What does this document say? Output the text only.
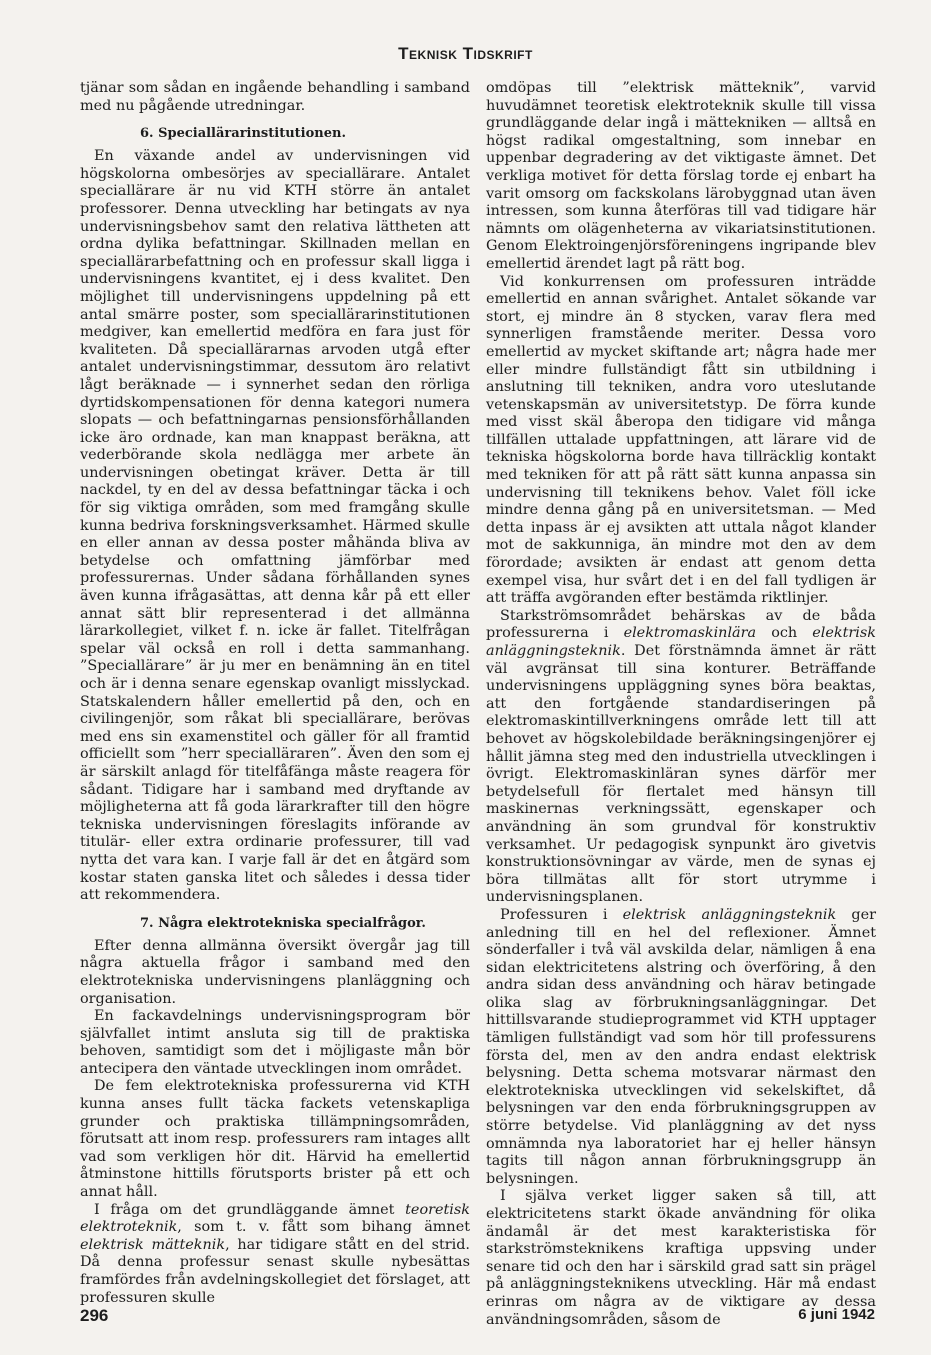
Teknisk Tidskrift

tjänar som sådan en ingående behandling i samband med nu pågående utredningar.

6. Speciallärarinstitutionen.

En växande andel av undervisningen vid högskolorna ombesörjes av speciallärare. Antalet speciallärare är nu vid KTH större än antalet professorer. Denna utveckling har betingats av nya undervisningsbehov samt den relativa lättheten att ordna dylika befattningar. Skillnaden mellan en speciallärarbefattning och en professur skall ligga i undervisningens kvantitet, ej i dess kvalitet. Den möjlighet till undervisningens uppdelning på ett antal smärre poster, som speciallärarinstitutionen medgiver, kan emellertid medföra en fara just för kvaliteten. Då speciallärarnas arvoden utgå efter antalet undervisningstimmar, dessutom äro relativt lågt beräknade — i synnerhet sedan den rörliga dyrtidskompensationen för denna kategori numera slopats — och befattningarnas pensionsförhållanden icke äro ordnade, kan man knappast beräkna, att vederbörande skola nedlägga mer arbete än undervisningen obetingat kräver. Detta är till nackdel, ty en del av dessa befattningar täcka i och för sig viktiga områden, som med framgång skulle kunna bedriva forskningsverksamhet. Härmed skulle en eller annan av dessa poster måhända bliva av betydelse och omfattning jämförbar med professurernas. Under sådana förhållanden synes även kunna ifrågasättas, att denna kår på ett eller annat sätt blir representerad i det allmänna lärarkollegiet, vilket f. n. icke är fallet. Titelfrågan spelar väl också en roll i detta sammanhang. ”Speciallärare” är ju mer en benämning än en titel och är i denna senare egenskap ovanligt misslyckad. Statskalendern håller emellertid på den, och en civilingenjör, som råkat bli speciallärare, berövas med ens sin examenstitel och gäller för all framtid officiellt som ”herr specialläraren”. Även den som ej är särskilt anlagd för titelfåfänga måste reagera för sådant. Tidigare har i samband med dryftande av möjligheterna att få goda lärarkrafter till den högre tekniska undervisningen föreslagits införande av titulär- eller extra ordinarie professurer, till vad nytta det vara kan. I varje fall är det en åtgärd som kostar staten ganska litet och således i dessa tider att rekommendera.

7. Några elektrotekniska specialfrågor.

Efter denna allmänna översikt övergår jag till några aktuella frågor i samband med den elektrotekniska undervisningens planläggning och organisation.

En fackavdelnings undervisningsprogram bör självfallet intimt ansluta sig till de praktiska behoven, samtidigt som det i möjligaste mån bör antecipera den väntade utvecklingen inom området.

De fem elektrotekniska professurerna vid KTH kunna anses fullt täcka fackets vetenskapliga grunder och praktiska tillämpningsområden, förutsatt att inom resp. professurers ram intages allt vad som verkligen hör dit. Härvid ha emellertid åtminstone hittills förutsports brister på ett och annat håll.

I fråga om det grundläggande ämnet teoretisk elektroteknik, som t. v. fått som bihang ämnet elektrisk mätteknik, har tidigare stått en del strid. Då denna professur senast skulle nybesättas framfördes från avdelningskollegiet det förslaget, att professuren skulle

omdöpas till ”elektrisk mätteknik”, varvid huvudämnet teoretisk elektroteknik skulle till vissa grundläggande delar ingå i mättekniken — alltså en högst radikal omgestaltning, som innebar en uppenbar degradering av det viktigaste ämnet. Det verkliga motivet för detta förslag torde ej enbart ha varit omsorg om fackskolans lärobyggnad utan även intressen, som kunna återföras till vad tidigare här nämnts om olägenheterna av vikariatsinstitutionen. Genom Elektroingenjörsföreningens ingripande blev emellertid ärendet lagt på rätt bog.

Vid konkurrensen om professuren inträdde emellertid en annan svårighet. Antalet sökande var stort, ej mindre än 8 stycken, varav flera med synnerligen framstående meriter. Dessa voro emellertid av mycket skiftande art; några hade mer eller mindre fullständigt fått sin utbildning i anslutning till tekniken, andra voro uteslutande vetenskapsmän av universitetstyp. De förra kunde med visst skäl åberopa den tidigare vid många tillfällen uttalade uppfattningen, att lärare vid de tekniska högskolorna borde hava tillräcklig kontakt med tekniken för att på rätt sätt kunna anpassa sin undervisning till teknikens behov. Valet föll icke mindre denna gång på en universitetsman. — Med detta inpass är ej avsikten att uttala något klander mot de sakkunniga, än mindre mot den av dem förordade; avsikten är endast att genom detta exempel visa, hur svårt det i en del fall tydligen är att träffa avgöranden efter bestämda riktlinjer.

Starkströmsområdet behärskas av de båda professurerna i elektromaskinlära och elektrisk anläggningsteknik. Det förstnämnda ämnet är rätt väl avgränsat till sina konturer. Beträffande undervisningens uppläggning synes böra beaktas, att den fortgående standardiseringen på elektromaskintillverkningens område lett till att behovet av högskolebildade beräkningsingenjörer ej hållit jämna steg med den industriella utvecklingen i övrigt. Elektromaskinläran synes därför mer betydelsefull för flertalet med hänsyn till maskinernas verkningssätt, egenskaper och användning än som grundval för konstruktiv verksamhet. Ur pedagogisk synpunkt äro givetvis konstruktionsövningar av värde, men de synas ej böra tillmätas allt för stort utrymme i undervisningsplanen.

Professuren i elektrisk anläggningsteknik ger anledning till en hel del reflexioner. Ämnet sönderfaller i två väl avskilda delar, nämligen å ena sidan elektricitetens alstring och överföring, å den andra sidan dess användning och härav betingade olika slag av förbrukningsanläggningar. Det hittillsvarande studieprogrammet vid KTH upptager tämligen fullständigt vad som hör till professurens första del, men av den andra endast elektrisk belysning. Detta schema motsvarar närmast den elektrotekniska utvecklingen vid sekelskiftet, då belysningen var den enda förbrukningsgruppen av större betydelse. Vid planläggning av det nyss omnämnda nya laboratoriet har ej heller hänsyn tagits till någon annan förbrukningsgrupp än belysningen.

I själva verket ligger saken så till, att elektricitetens starkt ökade användning för olika ändamål är det mest karakteristiska för starkströmsteknikens kraftiga uppsving under senare tid och den har i särskild grad satt sin prägel på anläggningsteknikens utveckling. Här må endast erinras om några av de viktigare av dessa användningsområden, såsom de

296	6 juni 1942
